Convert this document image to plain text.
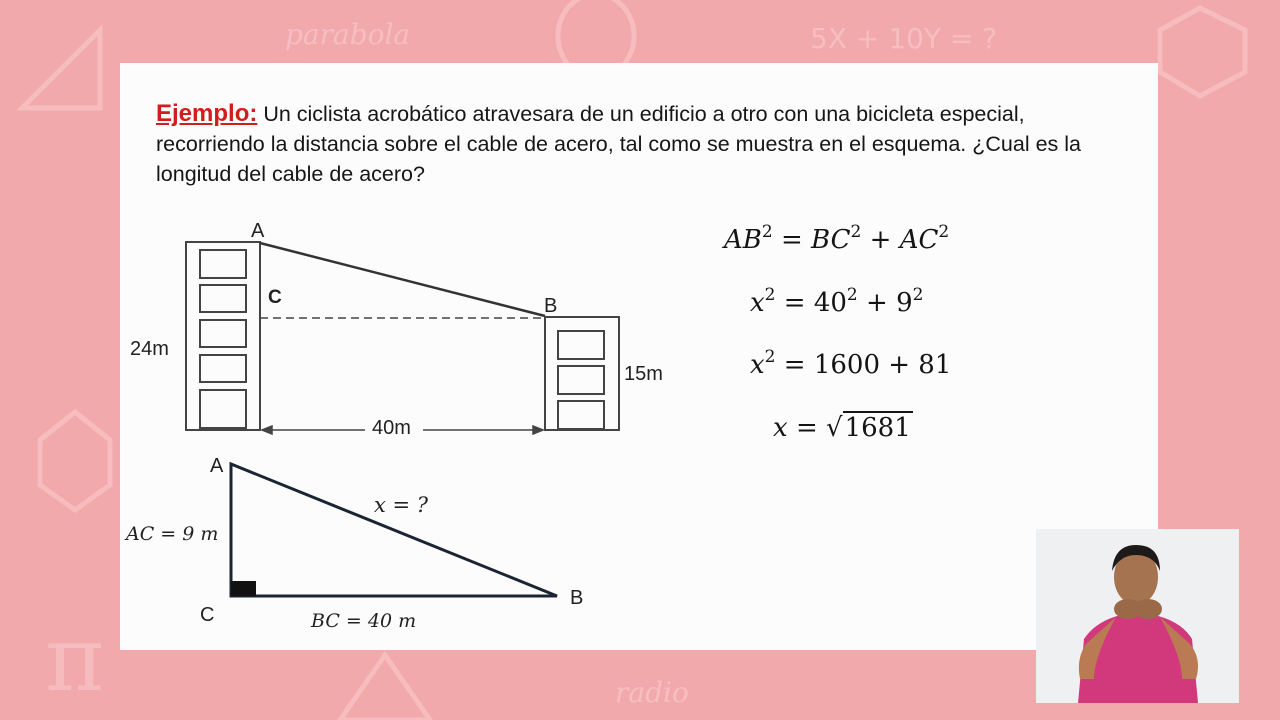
parabola	5X + 10Y = ?
radio
π
Ejemplo: Un ciclista acrobático atravesara de un edificio a otro con una bicicleta especial, recorriendo la distancia sobre el cable de acero, tal como se muestra en el esquema. ¿Cual es la longitud del cable de acero?
A
B
C
24m
15m
40m
A
B
C
AC = 9 m
BC = 40 m
x = ?
$AB^2 = BC^2 + AC^2$
$x^2 = 40^2 + 9^2$
$x^2 = 1600 + 81$
x = √1681
